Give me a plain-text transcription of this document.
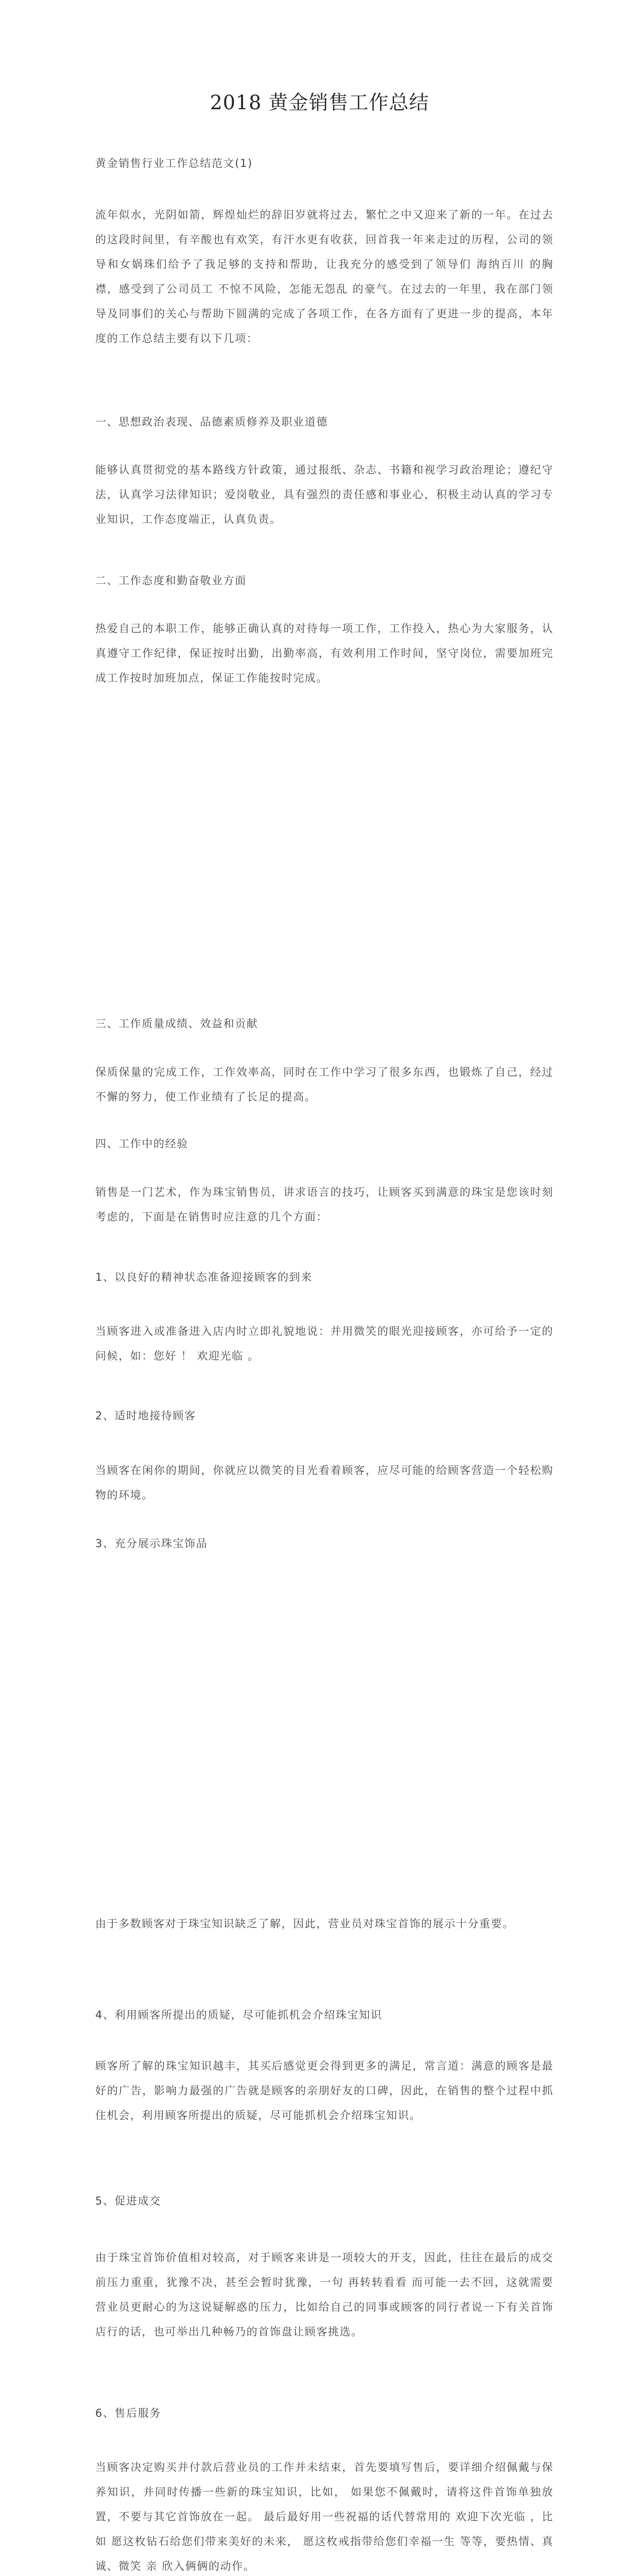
2018 黄金销售工作总结
黄金销售行业工作总结范文(1)
流年似水，光阴如箭，辉煌灿烂的辞旧岁就将过去，繁忙之中又迎来了新的一年。在过去的这段时间里，有辛酸也有欢笑，有汗水更有收获，回首我一年来走过的历程，公司的领导和女娲珠们给予了我足够的支持和帮助，让我充分的感受到了领导们 海纳百川 的胸襟，感受到了公司员工 不惊不风险，怎能无怨乱 的豪气。在过去的一年里，我在部门领导及同事们的关心与帮助下圆满的完成了各项工作，在各方面有了更进一步的提高，本年度的工作总结主要有以下几项：
一、思想政治表现、品德素质修养及职业道德
能够认真贯彻党的基本路线方针政策，通过报纸、杂志、书籍和视学习政治理论；遵纪守法，认真学习法律知识；爱岗敬业，具有强烈的责任感和事业心，积极主动认真的学习专业知识，工作态度端正，认真负责。
二、工作态度和勤奋敬业方面
热爱自己的本职工作，能够正确认真的对待每一项工作，工作投入，热心为大家服务，认真遵守工作纪律，保证按时出勤，出勤率高，有效利用工作时间，坚守岗位，需要加班完成工作按时加班加点，保证工作能按时完成。
三、工作质量成绩、效益和贡献
保质保量的完成工作，工作效率高，同时在工作中学习了很多东西，也锻炼了自己，经过不懈的努力，使工作业绩有了长足的提高。
四、工作中的经验
销售是一门艺术，作为珠宝销售员，讲求语言的技巧，让顾客买到满意的珠宝是您该时刻考虑的，下面是在销售时应注意的几个方面：
1、以良好的精神状态准备迎接顾客的到来
当顾客进入或准备进入店内时立即礼貌地说：并用微笑的眼光迎接顾客，亦可给予一定的问候，如：您好 ！ 欢迎光临 。
2、适时地接待顾客
当顾客在闲你的期间，你就应以微笑的目光看着顾客，应尽可能的给顾客营造一个轻松购物的环境。
3、充分展示珠宝饰品
由于多数顾客对于珠宝知识缺乏了解，因此，营业员对珠宝首饰的展示十分重要。
4、利用顾客所提出的质疑，尽可能抓机会介绍珠宝知识
顾客所了解的珠宝知识越丰，其买后感觉更会得到更多的满足，常言道：满意的顾客是最好的广告，影响力最强的广告就是顾客的亲朋好友的口碑，因此，在销售的整个过程中抓住机会，利用顾客所提出的质疑，尽可能抓机会介绍珠宝知识。
5、促进成交
由于珠宝首饰价值相对较高，对于顾客来讲是一项较大的开支，因此，往往在最后的成交前压力重重，犹豫不决，甚至会暂时犹豫，一句 再转转看看 而可能一去不回，这就需要营业员更耐心的为这说疑解惑的压力，比如给自己的同事或顾客的同行者说一下有关首饰店行的话，也可举出几种畅乃的首饰盘让顾客挑选。
6、售后服务
当顾客决定购买并付款后营业员的工作并未结束，首先要填写售后，要详细介绍佩戴与保养知识，并同时传播一些新的珠宝知识，比如， 如果您不佩戴时，请将这件首饰单独放置，不要与其它首饰放在一起。 最后最好用一些祝福的话代替常用的 欢迎下次光临 ，比如 愿这枚钻石给您们带来美好的未来， 愿这枚戒指带给您们幸福一生 等等，要热情、真诚、微笑 亲 欣入俩俩的动作。
